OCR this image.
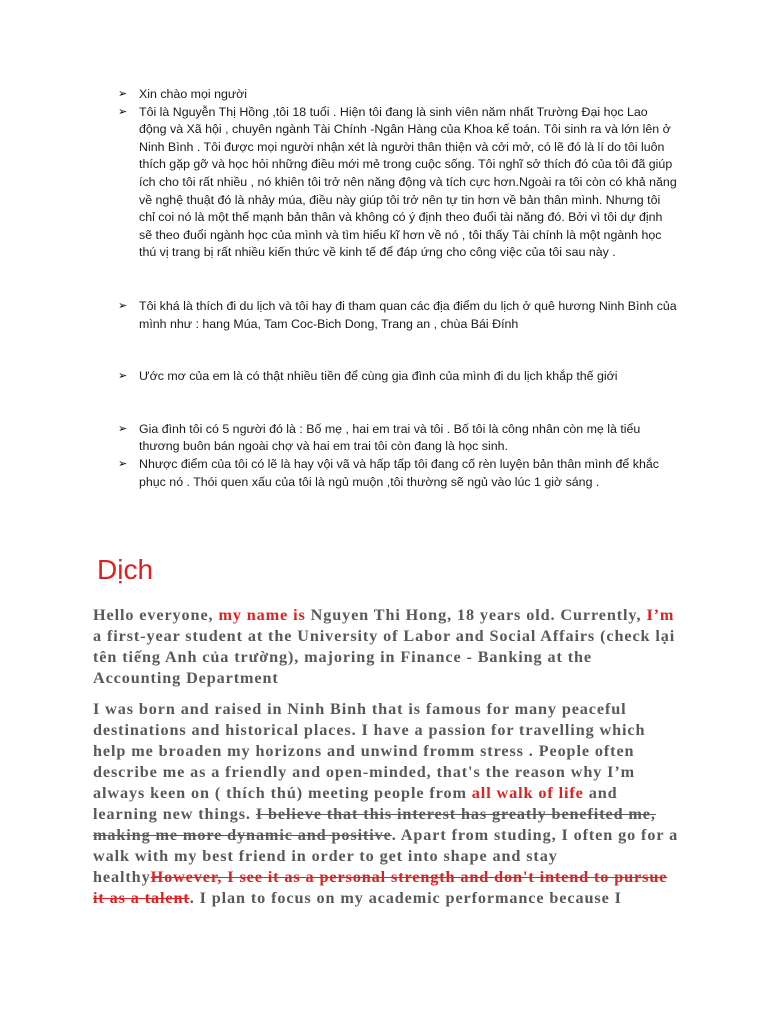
➢ Xin chào mọi người
➢ Tôi là Nguyễn Thị Hồng ,tôi 18 tuổi . Hiện tôi đang là sinh viên năm nhất Trường Đại học Lao động và Xã hội , chuyên ngành Tài Chính -Ngân Hàng của Khoa kế toán. Tôi sinh ra và lớn lên ở Ninh Bình . Tôi được mọi người nhận xét là người thân thiện và cởi mở, có lẽ đó là lí do tôi luôn thích gặp gỡ và học hỏi những điều mới mẻ trong cuộc sống. Tôi nghĩ sở thích đó của tôi đã giúp ích cho tôi rất nhiều , nó khiên tôi trở nên năng động và tích cực hơn.Ngoài ra tôi còn có khả năng về nghệ thuật đó là nhảy múa, điều này giúp tôi trở nên tự tin hơn về bản thân mình. Nhưng tôi chỉ coi nó là một thế mạnh bản thân và không có ý định theo đuổi tài năng đó. Bởi vì tôi dự định sẽ theo đuổi ngành học của mình và tìm hiểu kĩ hơn về nó , tôi thấy Tài chính là một ngành học thú vị trang bị rất nhiều kiến thức về kinh tế để đáp ứng cho công việc của tôi sau này .
➢ Tôi khá là thích đi du lịch và tôi hay đi tham quan các địa điểm du lịch ở quê hương Ninh Bình của mình như : hang Múa, Tam Coc-Bich Dong, Trang an , chùa Bái Đính
➢ Ước mơ của em là có thật nhiều tiền để cùng gia đình của mình đi du lịch khắp thế giới
➢ Gia đình tôi có 5 người đó là : Bố mẹ , hai em trai và tôi . Bố tôi là công nhân còn mẹ là tiểu thương buôn bán ngoài chợ và hai em trai tôi còn đang là học sinh.
➢ Nhược điểm của tôi có lẽ là hay vội vã và hấp tấp tôi đang cố rèn luyện bản thân mình để khắc phục nó . Thói quen xấu của tôi là ngủ muộn ,tôi thường sẽ ngủ vào lúc 1 giờ sáng .
Dịch
Hello everyone, my name is Nguyen Thi Hong, 18 years old. Currently, I’m a first-year student at the University of Labor and Social Affairs (check lại tên tiếng Anh của trường), majoring in Finance - Banking at the Accounting Department
I was born and raised in Ninh Binh that is famous for many peaceful destinations and historical places. I have a passion for travelling which help me broaden my horizons and unwind fromm stress . People often describe me as a friendly and open-minded, that's the reason why I’m always keen on ( thích thú) meeting people from all walk of life and learning new things. I believe that this interest has greatly benefited me, making me more dynamic and positive. Apart from studing, I often go for a walk with my best friend in order to get into shape and stay healthyHowever, I see it as a personal strength and don't intend to pursue it as a talent. I plan to focus on my academic performance because I
